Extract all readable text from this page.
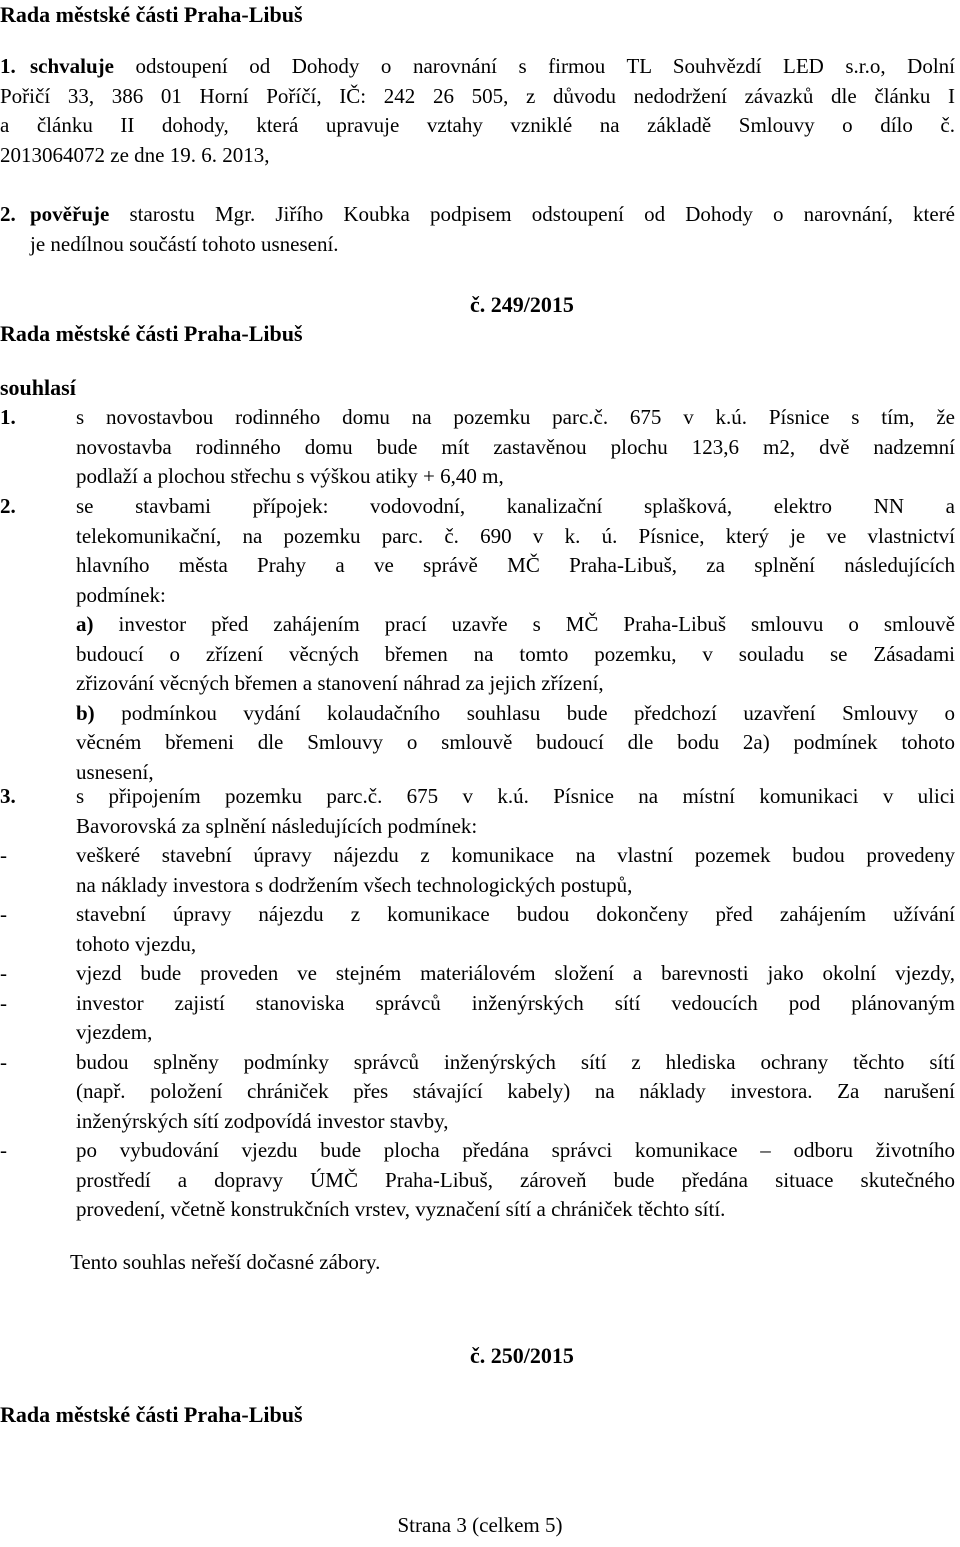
Rada městské části Praha-Libuš
1. schvaluje odstoupení od Dohody o narovnání s firmou TL Souhvězdí LED s.r.o, Dolní
Pořičí 33, 386 01 Horní Poříčí, IČ: 242 26 505, z důvodu nedodržení závazků dle článku I
a článku II dohody, která upravuje vztahy vzniklé na základě Smlouvy o dílo č.
2013064072 ze dne 19. 6. 2013,
2. pověřuje starostu Mgr. Jiřího Koubka podpisem odstoupení od Dohody o narovnání, které
je nedílnou součástí tohoto usnesení.
č. 249/2015
Rada městské části Praha-Libuš
souhlasí
1.	s novostavbou rodinného domu na pozemku parc.č. 675 v k.ú. Písnice s tím, že
novostavba rodinného domu bude mít zastavěnou plochu 123,6 m2, dvě nadzemní
podlaží a plochou střechu s výškou atiky + 6,40 m,
2.	se stavbami přípojek: vodovodní, kanalizační splašková, elektro NN a
telekomunikační, na pozemku parc. č. 690 v k. ú. Písnice, který je ve vlastnictví
hlavního města Prahy a ve správě MČ Praha-Libuš, za splnění následujících
podmínek:
a) investor před zahájením prací uzavře s MČ Praha-Libuš smlouvu o smlouvě
budoucí o zřízení věcných břemen na tomto pozemku, v souladu se Zásadami
zřizování věcných břemen a stanovení náhrad za jejich zřízení,
b) podmínkou vydání kolaudačního souhlasu bude předchozí uzavření Smlouvy o
věcném břemeni dle Smlouvy o smlouvě budoucí dle bodu 2a) podmínek tohoto
usnesení,
3.	s připojením pozemku parc.č. 675 v k.ú. Písnice na místní komunikaci v ulici
Bavorovská za splnění následujících podmínek:
-	veškeré stavební úpravy nájezdu z komunikace na vlastní pozemek budou provedeny
na náklady investora s dodržením všech technologických postupů,
-	stavební úpravy nájezdu z komunikace budou dokončeny před zahájením užívání
tohoto vjezdu,
-	vjezd bude proveden ve stejném materiálovém složení a barevnosti jako okolní vjezdy,
-	investor zajistí stanoviska správců inženýrských sítí vedoucích pod plánovaným
vjezdem,
-	budou splněny podmínky správců inženýrských sítí z hlediska ochrany těchto sítí
(např. položení chrániček přes stávající kabely) na náklady investora. Za narušení
inženýrských sítí zodpovídá investor stavby,
-	po vybudování vjezdu bude plocha předána správci komunikace – odboru životního
prostředí a dopravy ÚMČ Praha-Libuš, zároveň bude předána situace skutečného
provedení, včetně konstrukčních vrstev, vyznačení sítí a chrániček těchto sítí.
Tento souhlas neřeší dočasné zábory.
č. 250/2015
Rada městské části Praha-Libuš
Strana 3 (celkem 5)
